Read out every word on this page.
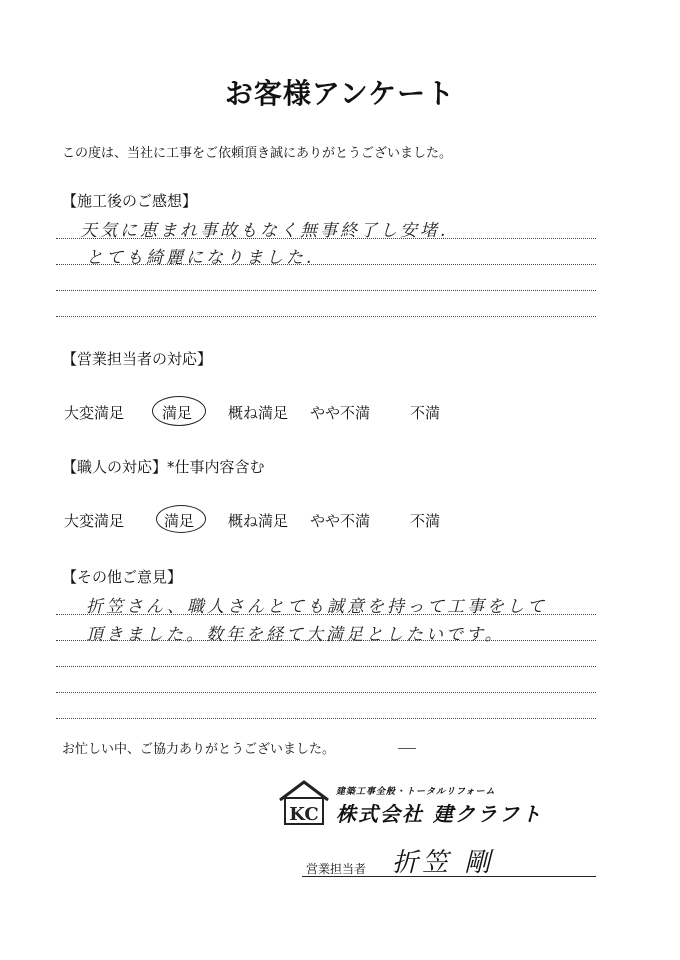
お客様アンケート
この度は、当社に工事をご依頼頂き誠にありがとうございました。
【施工後のご感想】
天気に恵まれ事故もなく無事終了し安堵.
とても綺麗になりました.
【営業担当者の対応】
大変満足	満足 概ね満足 やや不満	不満
【職人の対応】*仕事内容含む
大変満足	満足 概ね満足 やや不満	不満
【その他ご意見】
折笠さん、職人さんとても誠意を持って工事をして
頂きました。数年を経て大満足としたいです。
お忙しい中、ご協力ありがとうございました。
KC
建築工事全般・トータルリフォーム
株式会社 建クラフト
営業担当者 折笠 剛
